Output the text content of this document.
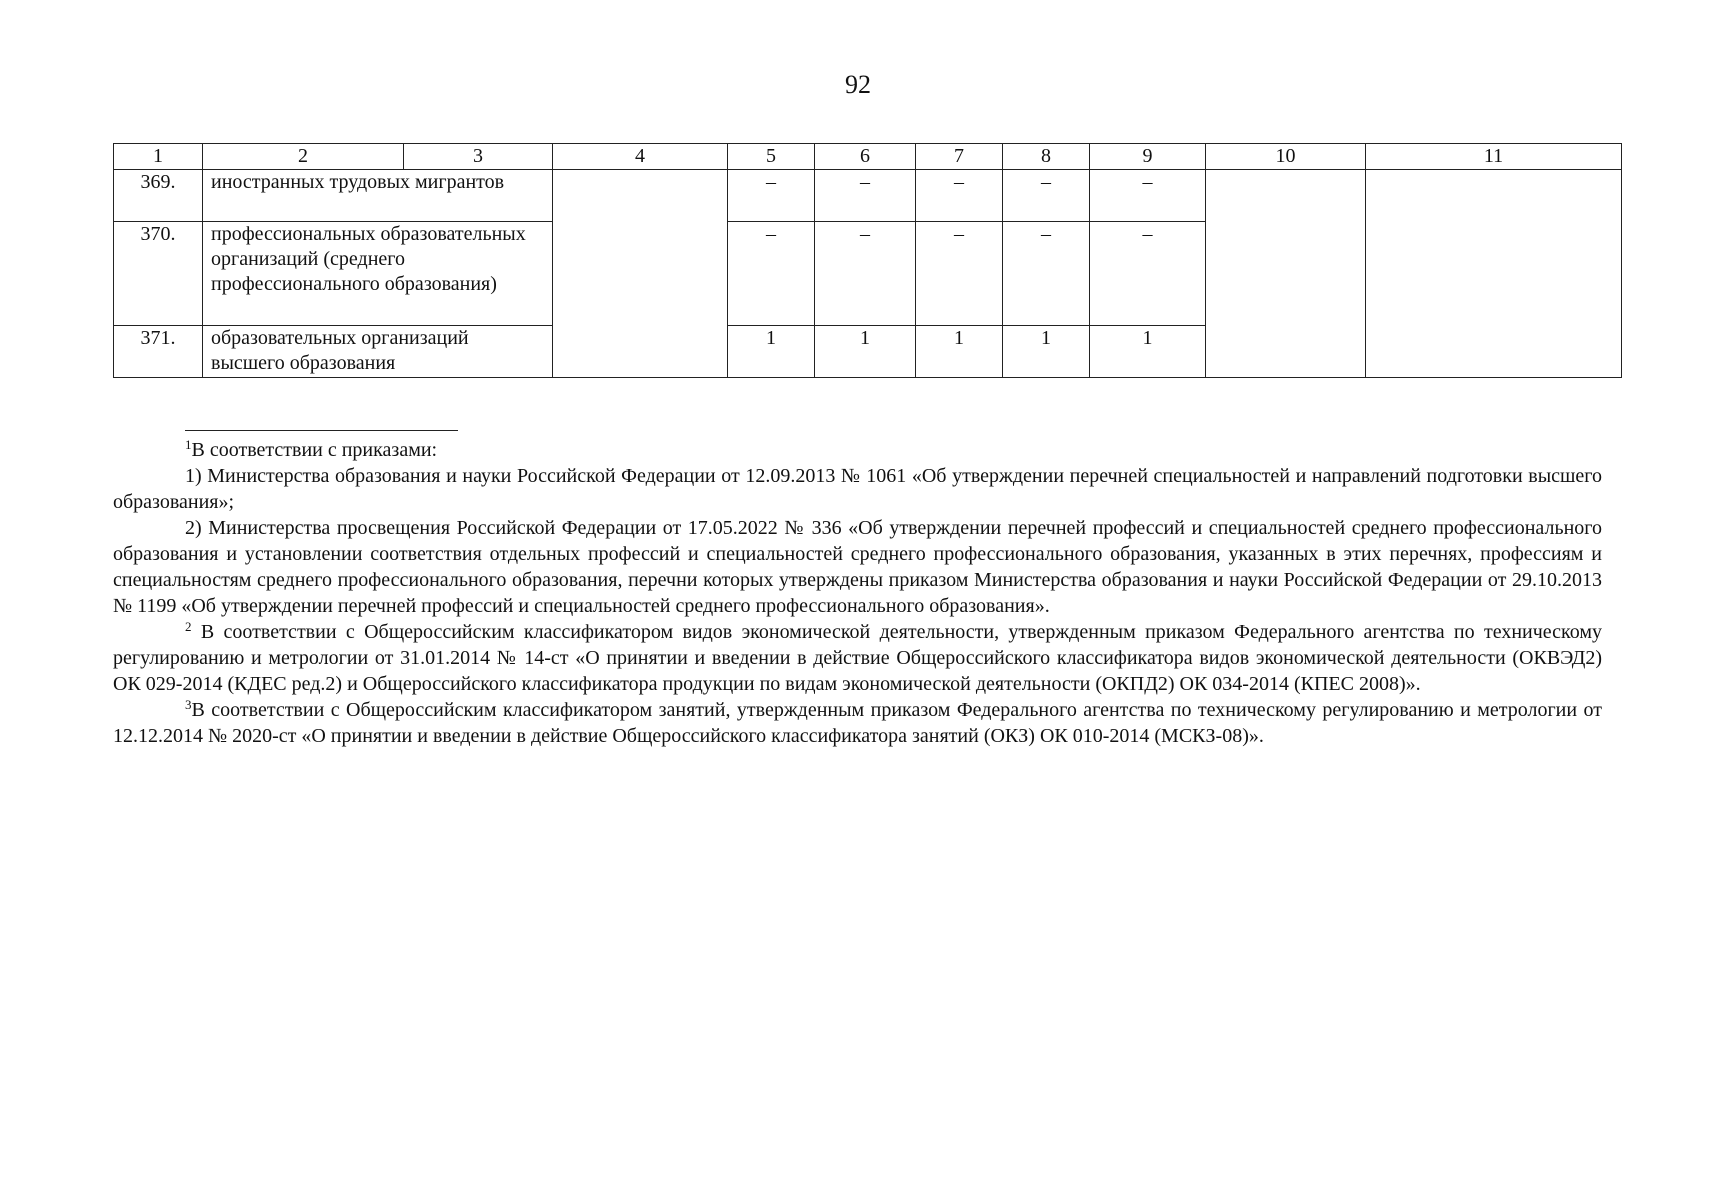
92
1	2	3	4	5	6	7	8	9	10	11
369.	иностранных трудовых мигрантов			–	–	–	–	–		
370.	профессиональных образовательных организаций (среднего профессионального образования)			–	–	–	–	–		
371.	образовательных организаций высшего образования			1	1	1	1	1		

$^1$В соответствии с приказами:

1) Министерства образования и науки Российской Федерации от 12.09.2013 № 1061 «Об утверждении перечней специальностей и направлений подготовки высшего образования»;

2) Министерства просвещения Российской Федерации от 17.05.2022 № 336 «Об утверждении перечней профессий и специальностей среднего профессионального образования и установлении соответствия отдельных профессий и специальностей среднего профессионального образования, указанных в этих перечнях, профессиям и специальностям среднего профессионального образования, перечни которых утверждены приказом Министерства образования и науки Российской Федерации от 29.10.2013 № 1199 «Об утверждении перечней профессий и специальностей среднего профессионального образования».

$^2$ В соответствии с Общероссийским классификатором видов экономической деятельности, утвержденным приказом Федерального агентства по техническому регулированию и метрологии от 31.01.2014 № 14-ст «О принятии и введении в действие Общероссийского классификатора видов экономической деятельности (ОКВЭД2) ОК 029-2014 (КДЕС ред.2) и Общероссийского классификатора продукции по видам экономической деятельности (ОКПД2) ОК 034-2014 (КПЕС 2008)».

$^3$В соответствии с Общероссийским классификатором занятий, утвержденным приказом Федерального агентства по техническому регулированию и метрологии от 12.12.2014 № 2020-ст «О принятии и введении в действие Общероссийского классификатора занятий (ОКЗ) ОК 010-2014 (МСКЗ-08)».
